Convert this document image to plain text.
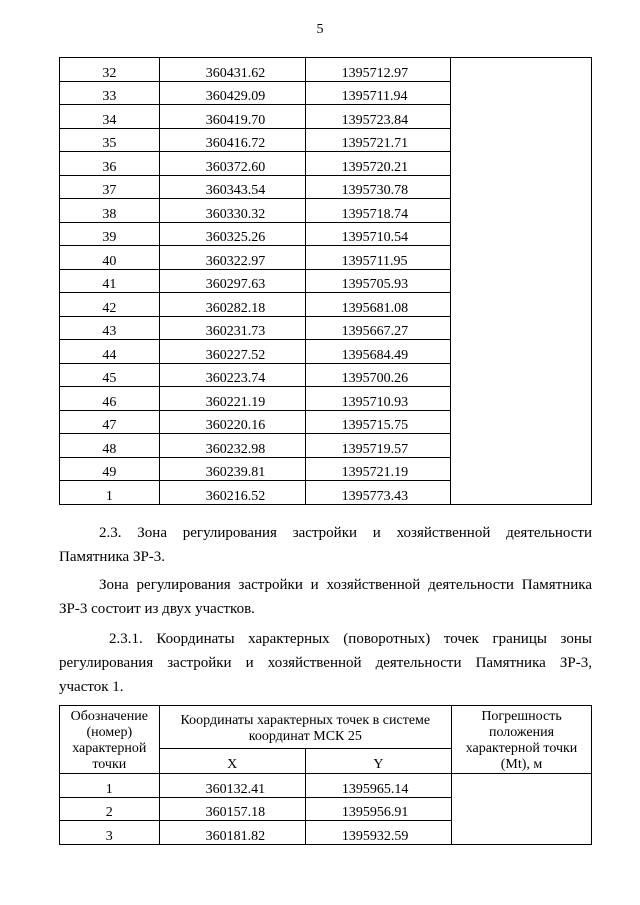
5
32	360431.62	1395712.97	
33	360429.09	1395711.94	
34	360419.70	1395723.84	
35	360416.72	1395721.71	
36	360372.60	1395720.21	
37	360343.54	1395730.78	
38	360330.32	1395718.74	
39	360325.26	1395710.54	
40	360322.97	1395711.95	
41	360297.63	1395705.93	
42	360282.18	1395681.08	
43	360231.73	1395667.27	
44	360227.52	1395684.49	
45	360223.74	1395700.26	
46	360221.19	1395710.93	
47	360220.16	1395715.75	
48	360232.98	1395719.57	
49	360239.81	1395721.19	
1	360216.52	1395773.43	
2.3. Зона регулирования застройки и хозяйственной деятельности
Памятника ЗР-3.
Зона регулирования застройки и хозяйственной деятельности Памятника
ЗР-3 состоит из двух участков.
2.3.1. Координаты характерных (поворотных) точек границы зоны
регулирования застройки и хозяйственной деятельности Памятника ЗР-3,
участок 1.
Обозначение (номер) характерной точки	Координаты характерных точек в системе координат МСК 25		Погрешность положения характерной точки (Mt), м
	X	Y	
1	360132.41	1395965.14	
2	360157.18	1395956.91	
3	360181.82	1395932.59	
